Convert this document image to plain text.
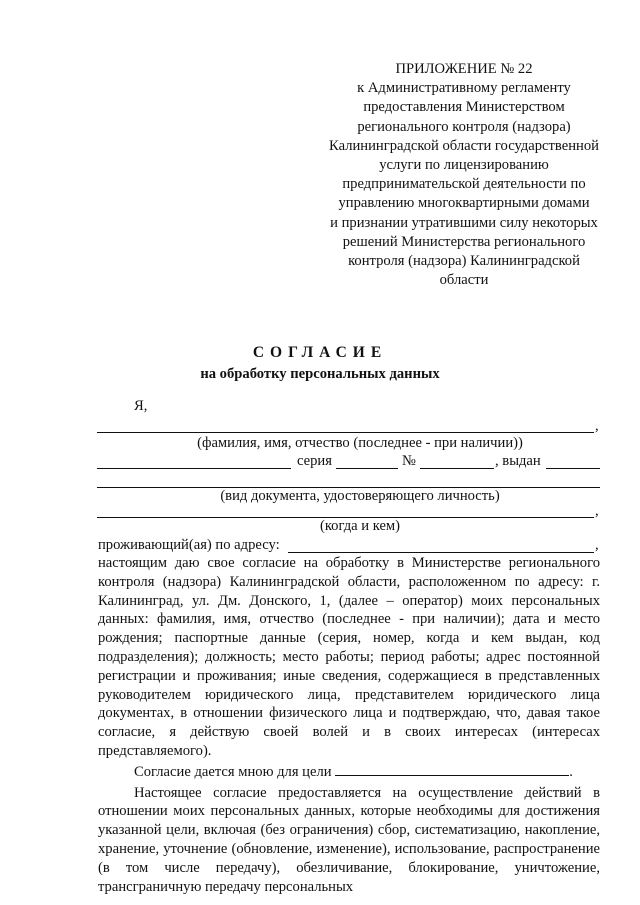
ПРИЛОЖЕНИЕ № 22
к Административному регламенту
предоставления Министерством
регионального контроля (надзора)
Калининградской области государственной
услуги по лицензированию
предпринимательской деятельности по
управлению многоквартирными домами
и признании утратившими силу некоторых
решений Министерства регионального
контроля (надзора) Калининградской
области
СОГЛАСИЕ
на обработку персональных данных
Я,
,
(фамилия, имя, отчество (последнее - при наличии))
серия	№	, выдан
(вид документа, удостоверяющего личность)
,
(когда и кем)
проживающий(ая) по адресу:	,

настоящим даю свое согласие на обработку в Министерстве регионального контроля (надзора) Калининградской области, расположенном по адресу: г. Калининград, ул. Дм. Донского, 1, (далее – оператор) моих персональных данных: фамилия, имя, отчество (последнее - при наличии); дата и место рождения; паспортные данные (серия, номер, когда и кем выдан, код подразделения); должность; место работы; период работы; адрес постоянной регистрации и проживания; иные сведения, содержащиеся в представленных руководителем юридического лица, представителем юридического лица документах, в отношении физического лица и подтверждаю, что, давая такое согласие, я действую своей волей и в своих интересах (интересах представляемого).

Согласие дается мною для цели	.

Настоящее согласие предоставляется на осуществление действий в отношении моих персональных данных, которые необходимы для достижения указанной цели, включая (без ограничения) сбор, систематизацию, накопление, хранение, уточнение (обновление, изменение), использование, распространение (в том числе передачу), обезличивание, блокирование, уничтожение, трансграничную передачу персональных
